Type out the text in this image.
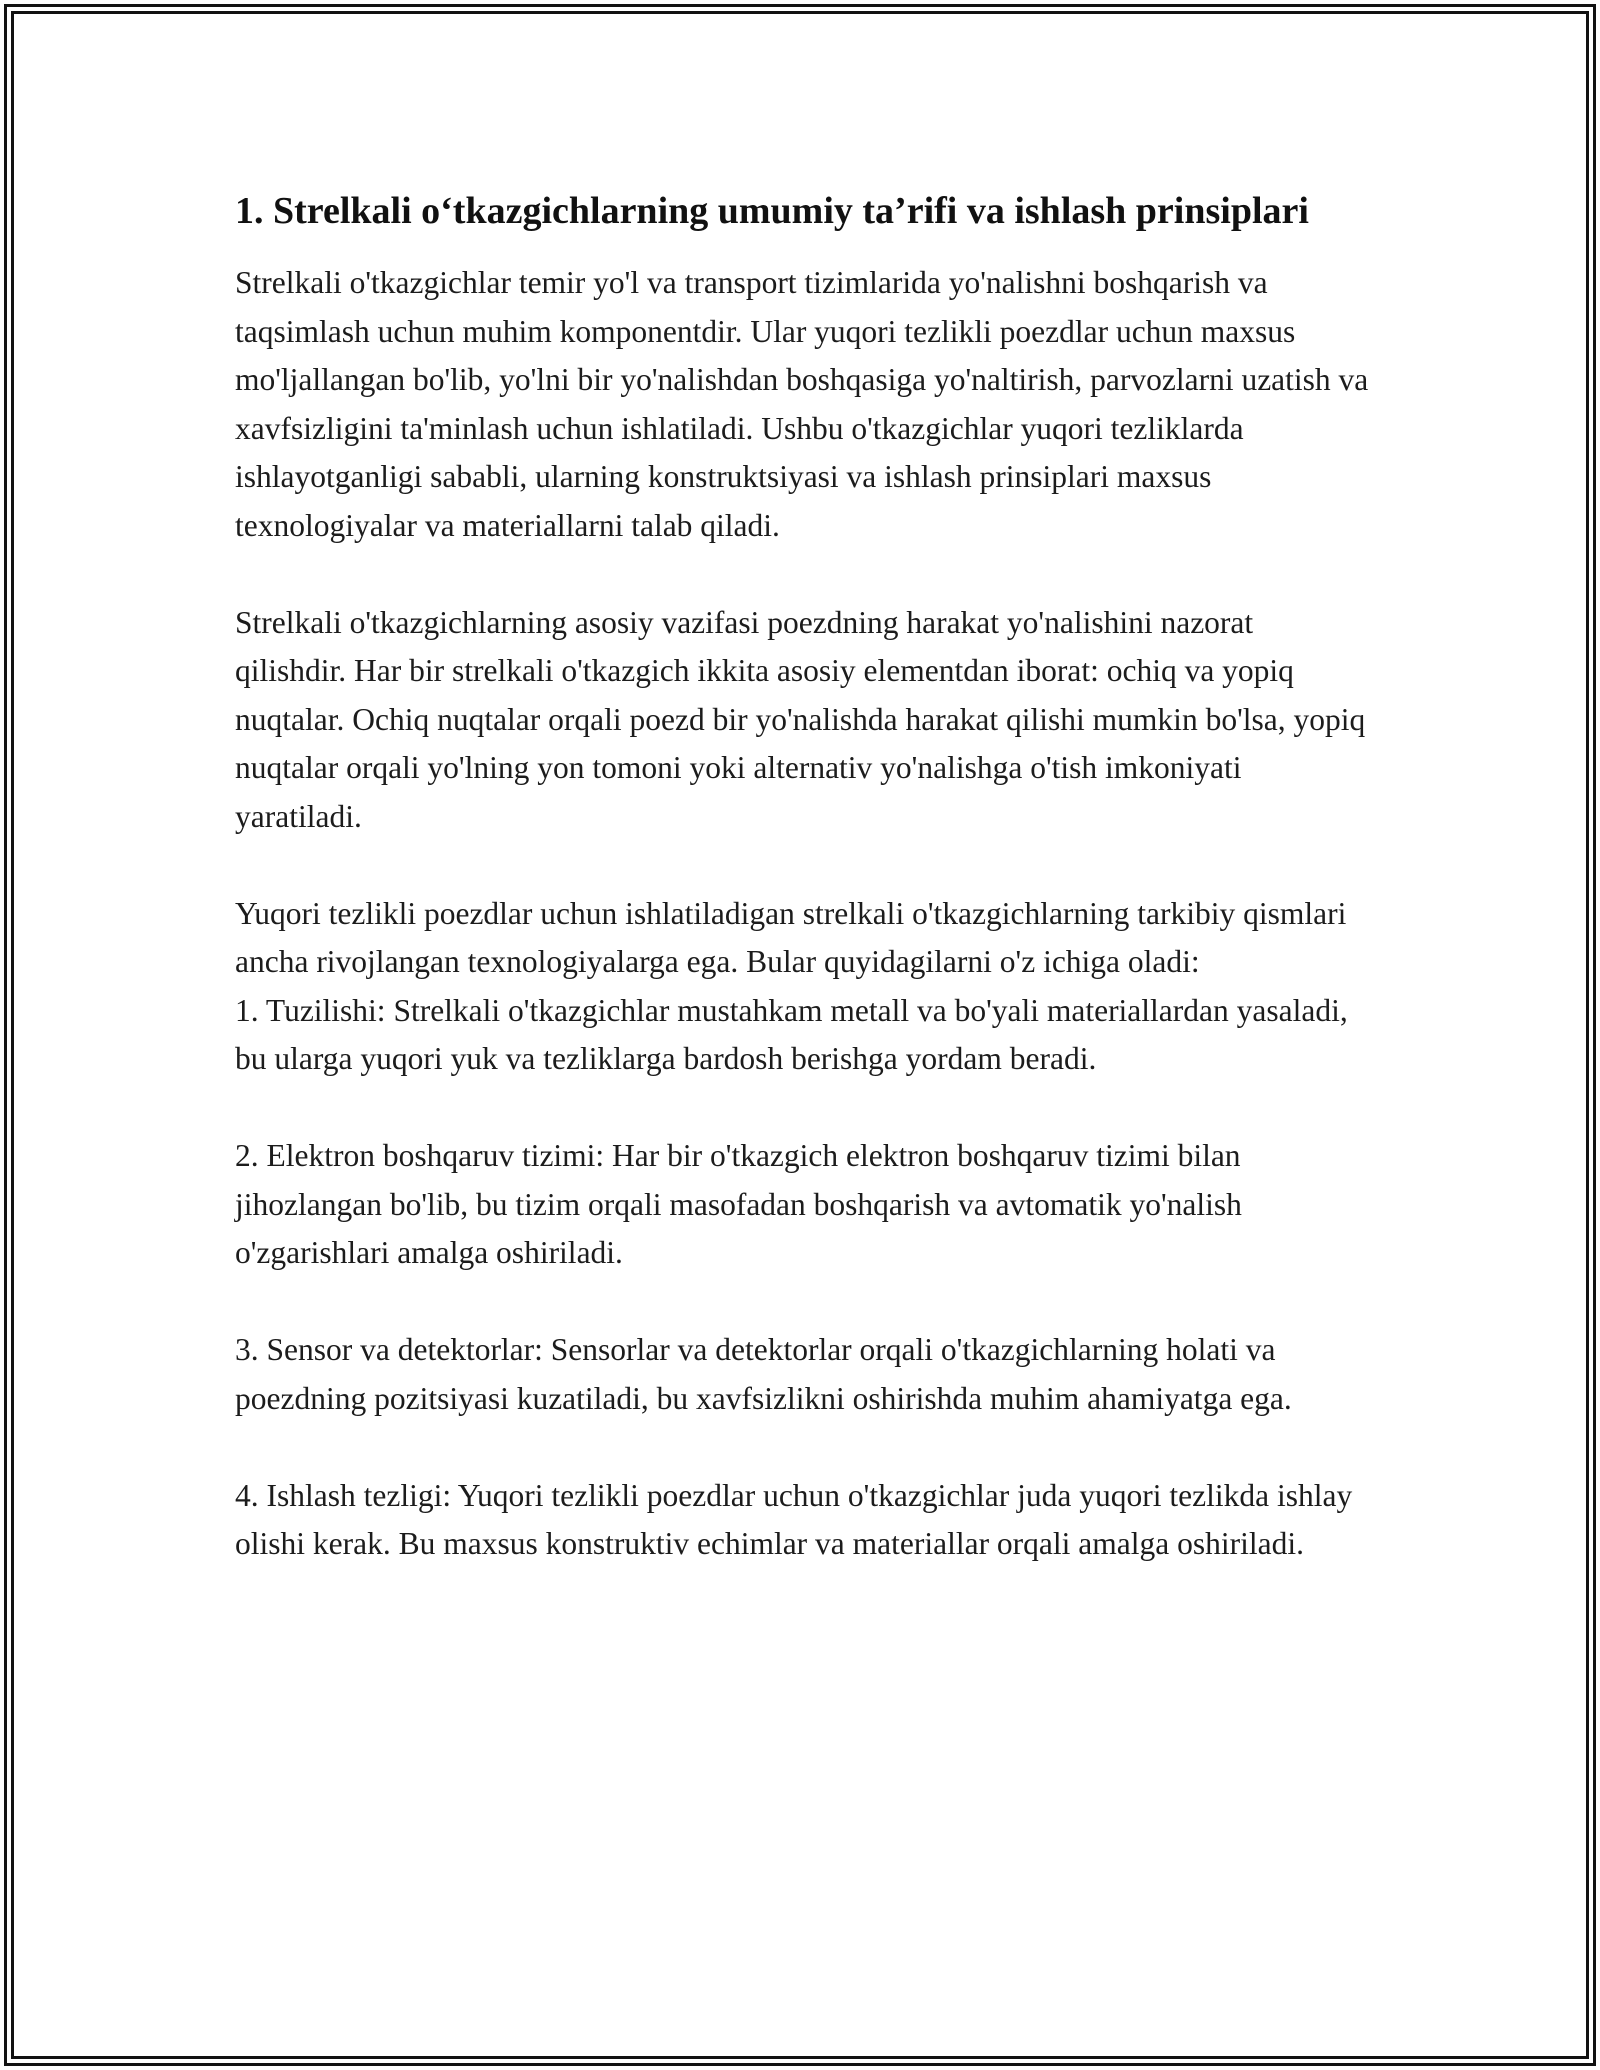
1. Strelkali o‘tkazgichlarning umumiy ta’rifi va ishlash prinsiplari

Strelkali o'tkazgichlar temir yo'l va transport tizimlarida yo'nalishni boshqarish va taqsimlash uchun muhim komponentdir. Ular yuqori tezlikli poezdlar uchun maxsus mo'ljallangan bo'lib, yo'lni bir yo'nalishdan boshqasiga yo'naltirish, parvozlarni uzatish va xavfsizligini ta'minlash uchun ishlatiladi. Ushbu o'tkazgichlar yuqori tezliklarda ishlayotganligi sababli, ularning konstruktsiyasi va ishlash prinsiplari maxsus texnologiyalar va materiallarni talab qiladi.

Strelkali o'tkazgichlarning asosiy vazifasi poezdning harakat yo'nalishini nazorat qilishdir. Har bir strelkali o'tkazgich ikkita asosiy elementdan iborat: ochiq va yopiq nuqtalar. Ochiq nuqtalar orqali poezd bir yo'nalishda harakat qilishi mumkin bo'lsa, yopiq nuqtalar orqali yo'lning yon tomoni yoki alternativ yo'nalishga o'tish imkoniyati yaratiladi.

Yuqori tezlikli poezdlar uchun ishlatiladigan strelkali o'tkazgichlarning tarkibiy qismlari ancha rivojlangan texnologiyalarga ega. Bular quyidagilarni o'z ichiga oladi:

1. Tuzilishi: Strelkali o'tkazgichlar mustahkam metall va bo'yali materiallardan yasaladi, bu ularga yuqori yuk va tezliklarga bardosh berishga yordam beradi.

2. Elektron boshqaruv tizimi: Har bir o'tkazgich elektron boshqaruv tizimi bilan jihozlangan bo'lib, bu tizim orqali masofadan boshqarish va avtomatik yo'nalish o'zgarishlari amalga oshiriladi.

3. Sensor va detektorlar: Sensorlar va detektorlar orqali o'tkazgichlarning holati va poezdning pozitsiyasi kuzatiladi, bu xavfsizlikni oshirishda muhim ahamiyatga ega.

4. Ishlash tezligi: Yuqori tezlikli poezdlar uchun o'tkazgichlar juda yuqori tezlikda ishlay olishi kerak. Bu maxsus konstruktiv echimlar va materiallar orqali amalga oshiriladi.
